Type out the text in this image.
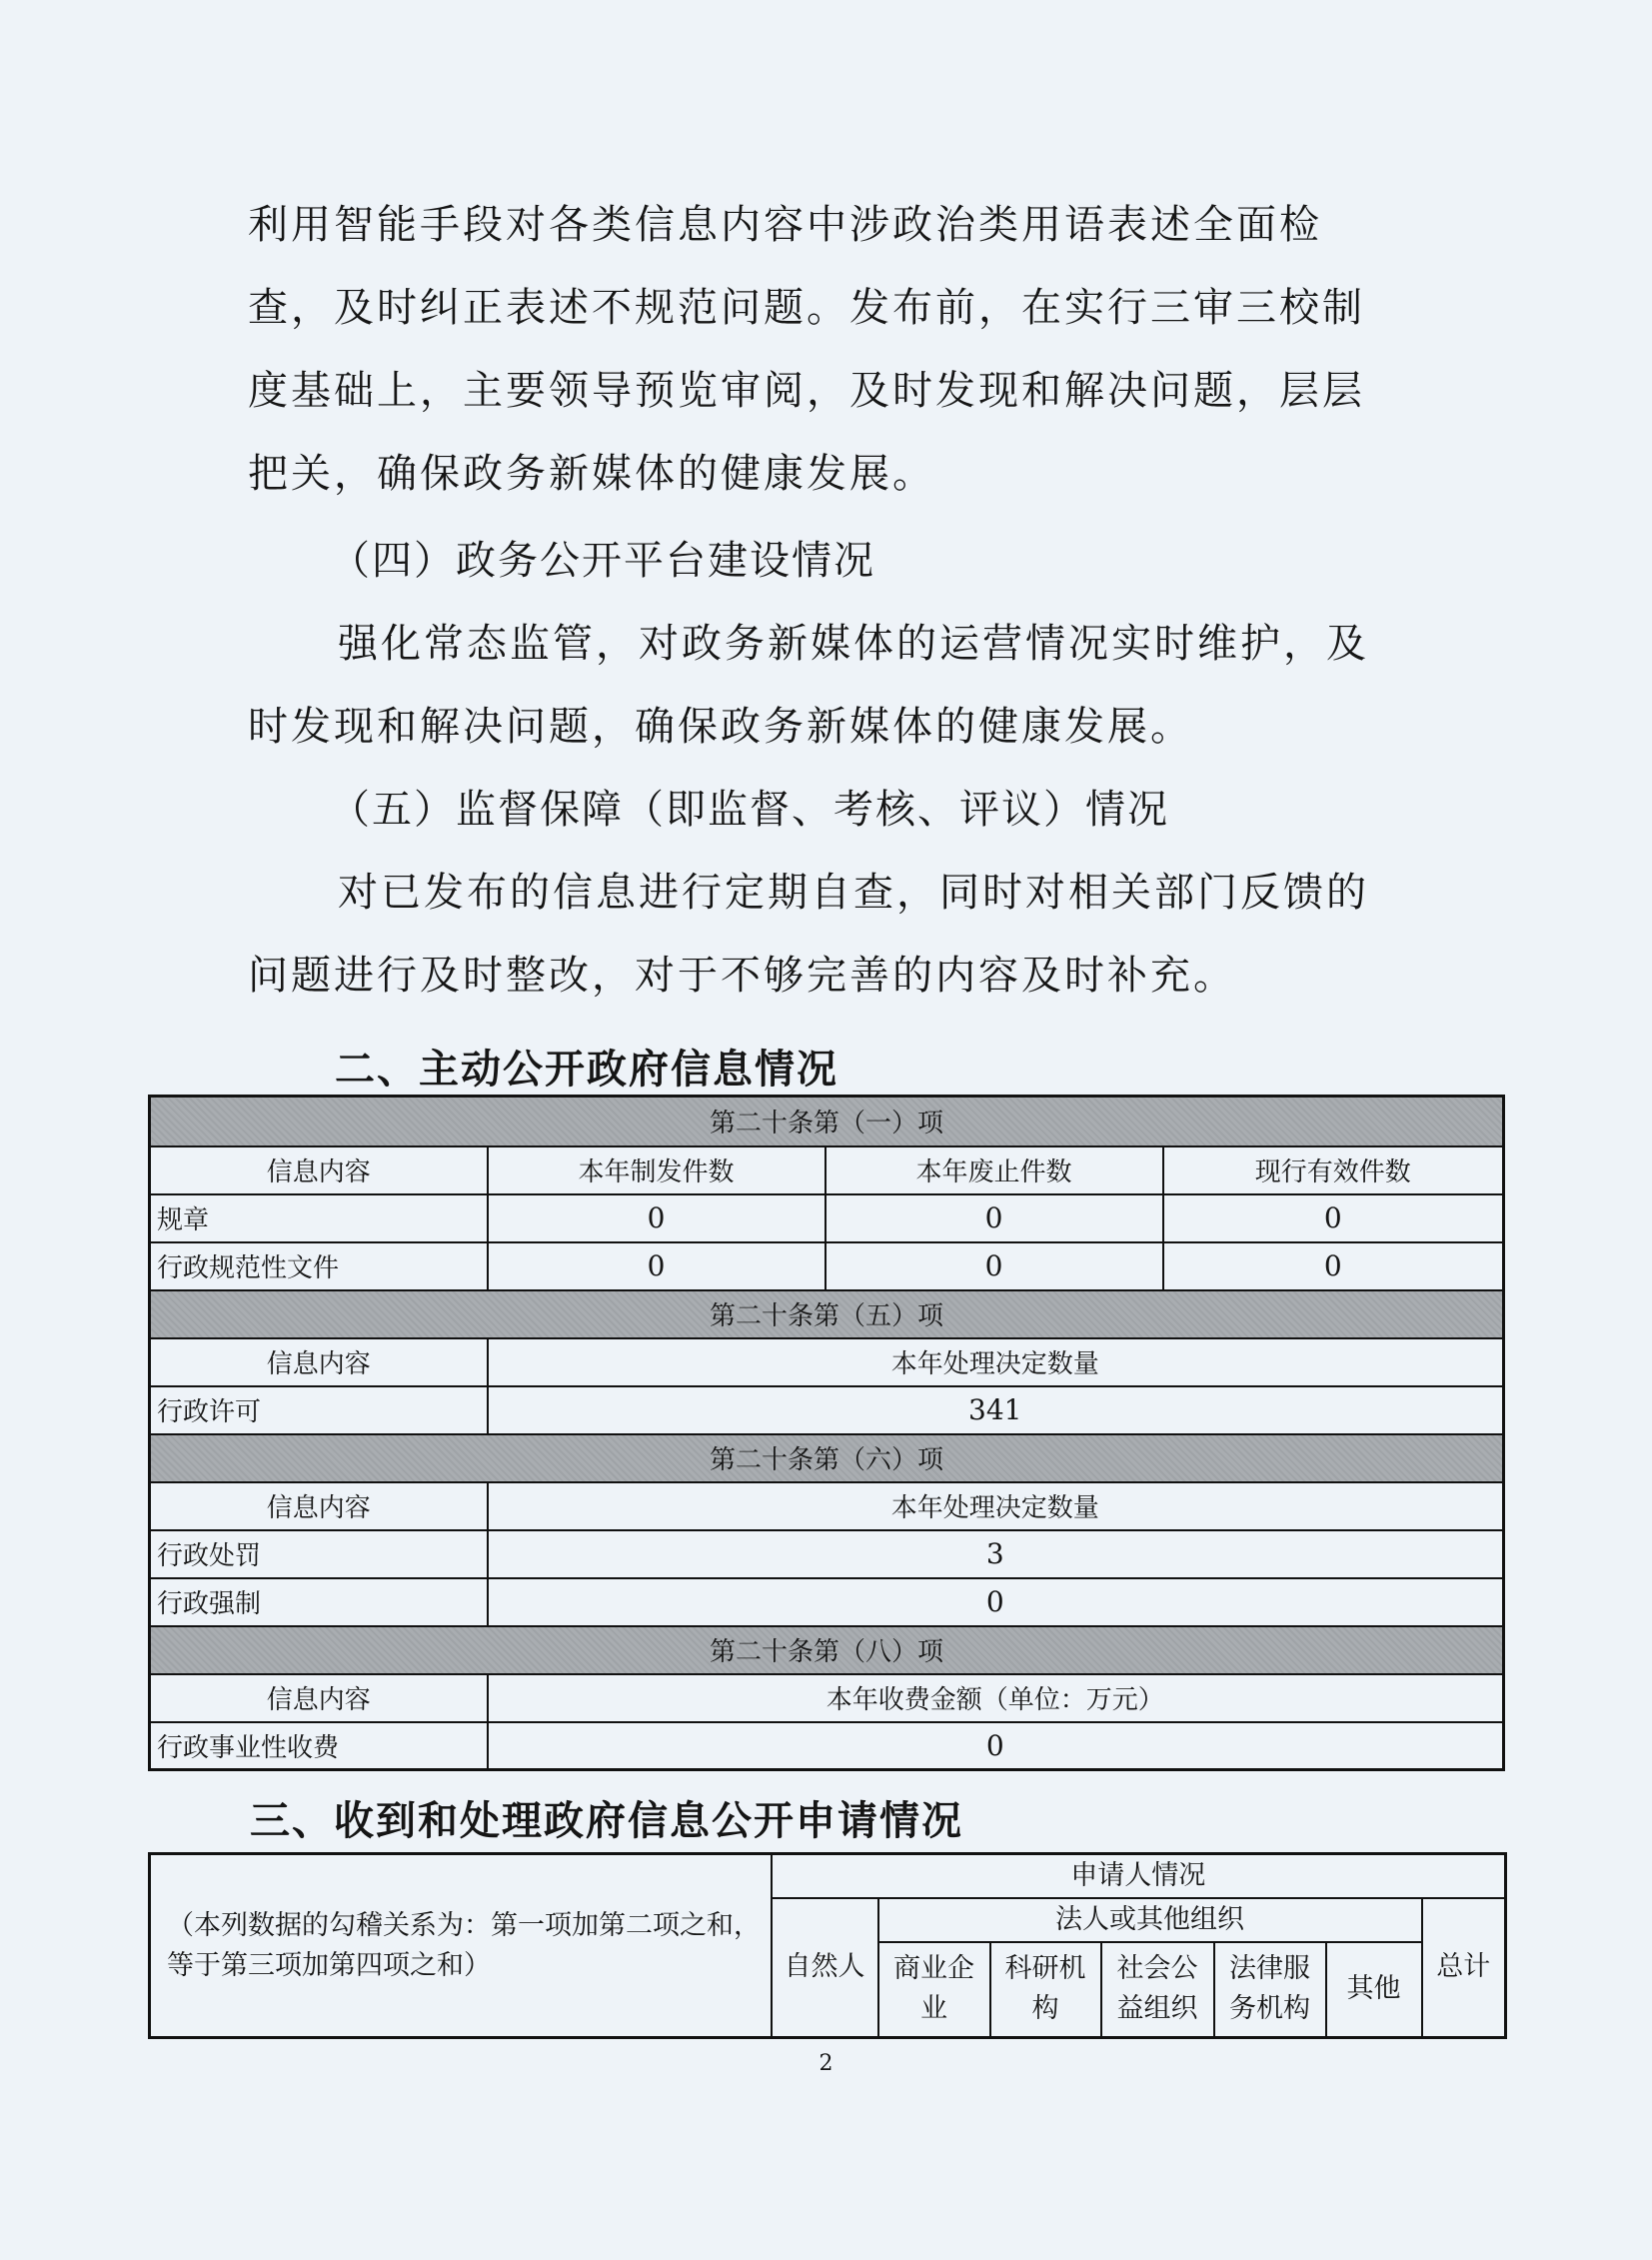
利用智能手段对各类信息内容中涉政治类用语表述全面检查，及时纠正表述不规范问题。发布前，在实行三审三校制度基础上，主要领导预览审阅，及时发现和解决问题，层层把关，确保政务新媒体的健康发展。

（四）政务公开平台建设情况

强化常态监管，对政务新媒体的运营情况实时维护，及时发现和解决问题，确保政务新媒体的健康发展。

（五）监督保障（即监督、考核、评议）情况

对已发布的信息进行定期自查，同时对相关部门反馈的问题进行及时整改，对于不够完善的内容及时补充。

二、主动公开政府信息情况
第二十条第（一）项			
信息内容	本年制发件数	本年废止件数	现行有效件数
规章	0	0	0
行政规范性文件	0	0	0
第二十条第（五）项			
信息内容	本年处理决定数量		
行政许可	341		
第二十条第（六）项			
信息内容	本年处理决定数量		
行政处罚	3		
行政强制	0		
第二十条第（八）项			
信息内容	本年收费金额（单位：万元）		
行政事业性收费	0		
三、收到和处理政府信息公开申请情况
（本列数据的勾稽关系为：第一项加第二项之和，等于第三项加第四项之和）	申请人情况						
	自然人	法人或其他组织					总计
		商业企业	科研机构	社会公益组织	法律服务机构	其他	

2
